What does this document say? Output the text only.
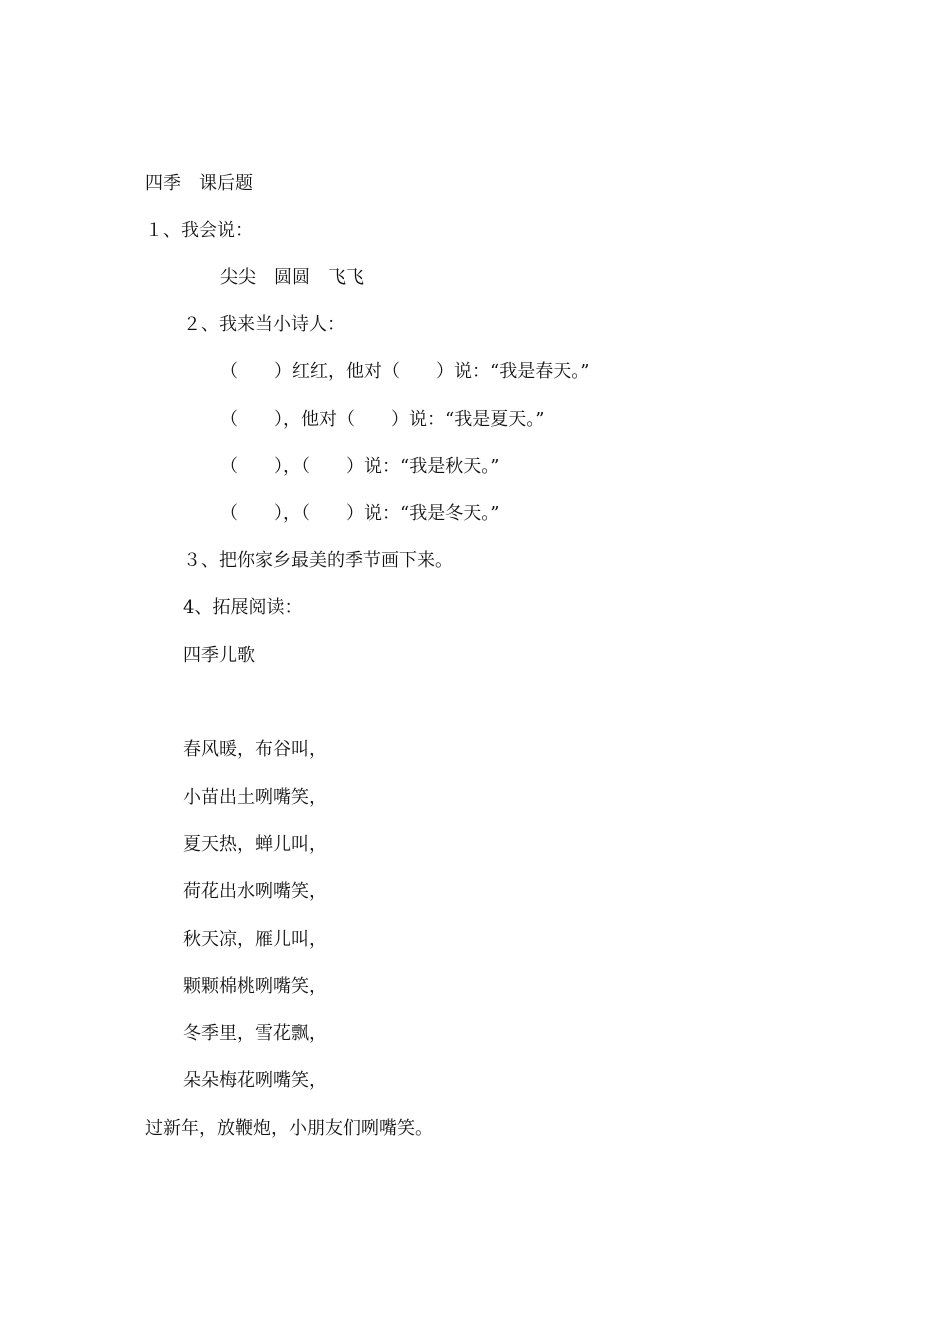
四季　课后题
１、我会说：
尖尖　圆圆　飞飞
２、我来当小诗人：
（　　）红红，他对（　　）说：“我是春天。”
（　　），他对（　　）说：“我是夏天。”
（　　），（　　）说：“我是秋天。”
（　　），（　　）说：“我是冬天。”
３、把你家乡最美的季节画下来。
4、拓展阅读：
四季儿歌
春风暖，布谷叫，
小苗出土咧嘴笑，
夏天热，蝉儿叫，
荷花出水咧嘴笑，
秋天凉，雁儿叫，
颗颗棉桃咧嘴笑，
冬季里，雪花飘，
朵朵梅花咧嘴笑，
过新年，放鞭炮，小朋友们咧嘴笑。
